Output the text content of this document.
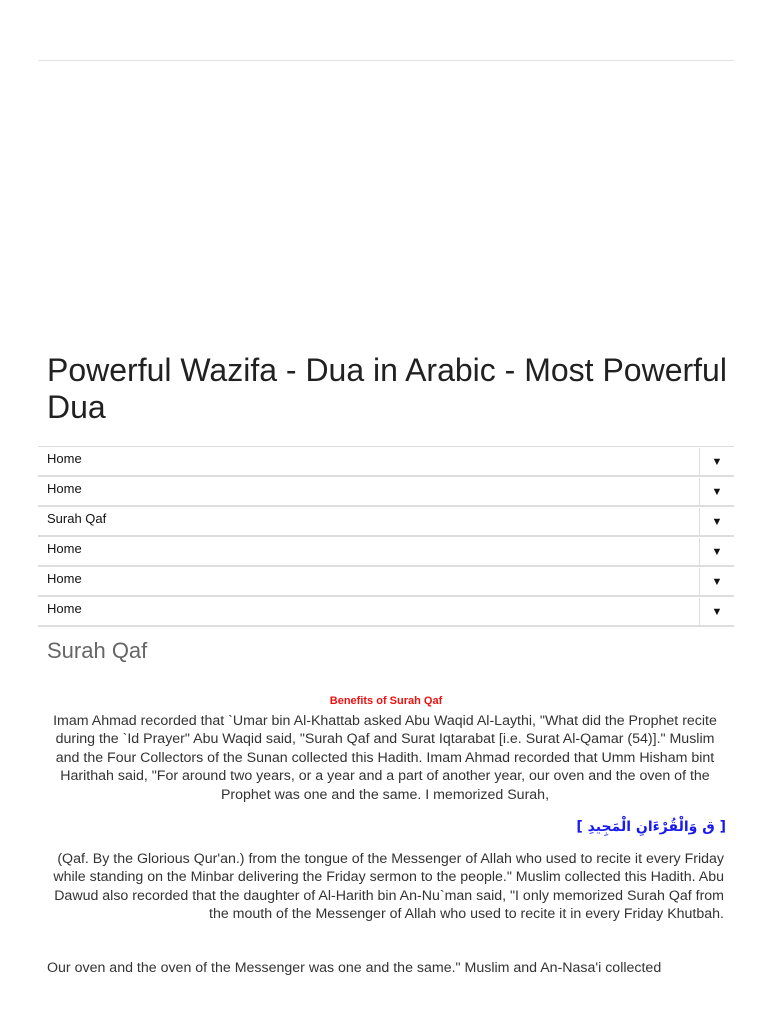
Powerful Wazifa - Dua in Arabic - Most Powerful Dua
Home	▼
Home	▼
Surah Qaf	▼
Home	▼
Home	▼
Home	▼
Surah Qaf
Benefits of Surah Qaf

Imam Ahmad recorded that `Umar bin Al-Khattab asked Abu Waqid Al-Laythi, "What did the Prophet recite during the `Id Prayer" Abu Waqid said, "Surah Qaf and Surat Iqtarabat [i.e. Surat Al-Qamar (54)]." Muslim and the Four Collectors of the Sunan collected this Hadith. Imam Ahmad recorded that Umm Hisham bint Harithah said, "For around two years, or a year and a part of another year, our oven and the oven of the Prophet was one and the same. I memorized Surah,

[ ق وَالْقُرْءَانِ الْمَجِيدِ ]

(Qaf. By the Glorious Qur'an.) from the tongue of the Messenger of Allah who used to recite it every Friday while standing on the Minbar delivering the Friday sermon to the people." Muslim collected this Hadith. Abu Dawud also recorded that the daughter of Al-Harith bin An-Nu`man said, "I only memorized Surah Qaf from the mouth of the Messenger of Allah who used to recite it in every Friday Khutbah.

Our oven and the oven of the Messenger was one and the same." Muslim and An-Nasa'i collected
